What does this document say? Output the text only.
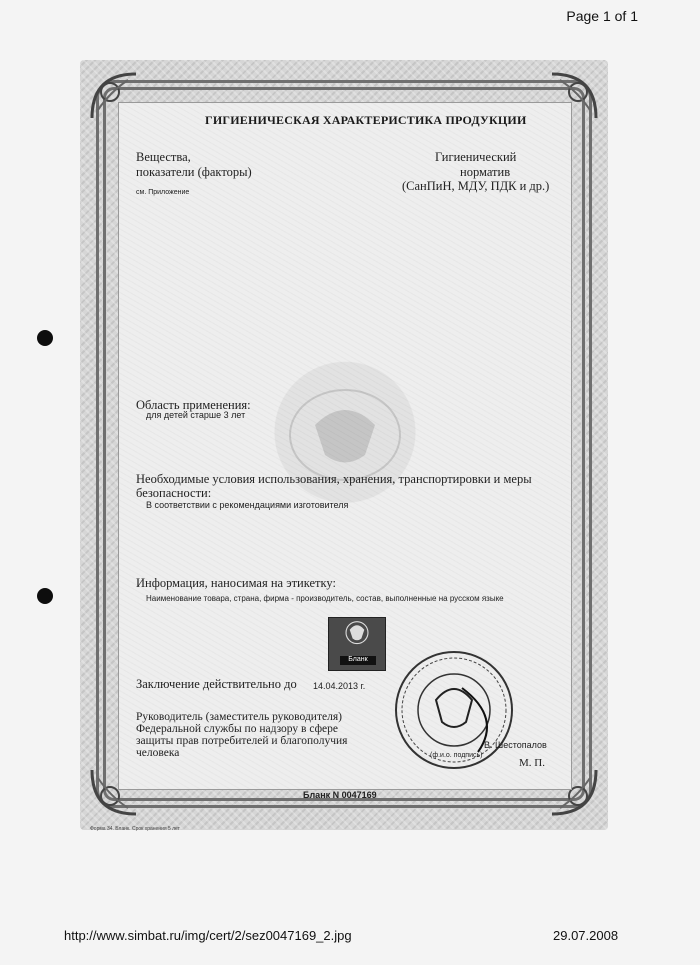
Page 1 of 1
ГИГИЕНИЧЕСКАЯ ХАРАКТЕРИСТИКА ПРОДУКЦИИ
Вещества,
показатели (факторы)
см. Приложение
Гигиенический
норматив
(СанПиН, МДУ, ПДК и др.)
Область применения:
для детей старше 3 лет
Необходимые условия использования, хранения, транспортировки и меры
безопасности:
В соответствии с рекомендациями изготовителя
Информация, наносимая на этикетку:
Наименование товара, страна, фирма - производитель, состав, выполненные на русском языке
Бланк
Заключение действительно до 14.04.2013 г.
Руководитель (заместитель руководителя)
Федеральной службы по надзору в сфере
защиты прав потребителей и благополучия
человека	(ф.и.о. подпись)
В. Шестопалов
М. П.
Бланк N 0047169
Форма 34. Бланк. Срок хранения 5 лет
http://www.simbat.ru/img/cert/2/sez0047169_2.jpg	29.07.2008
